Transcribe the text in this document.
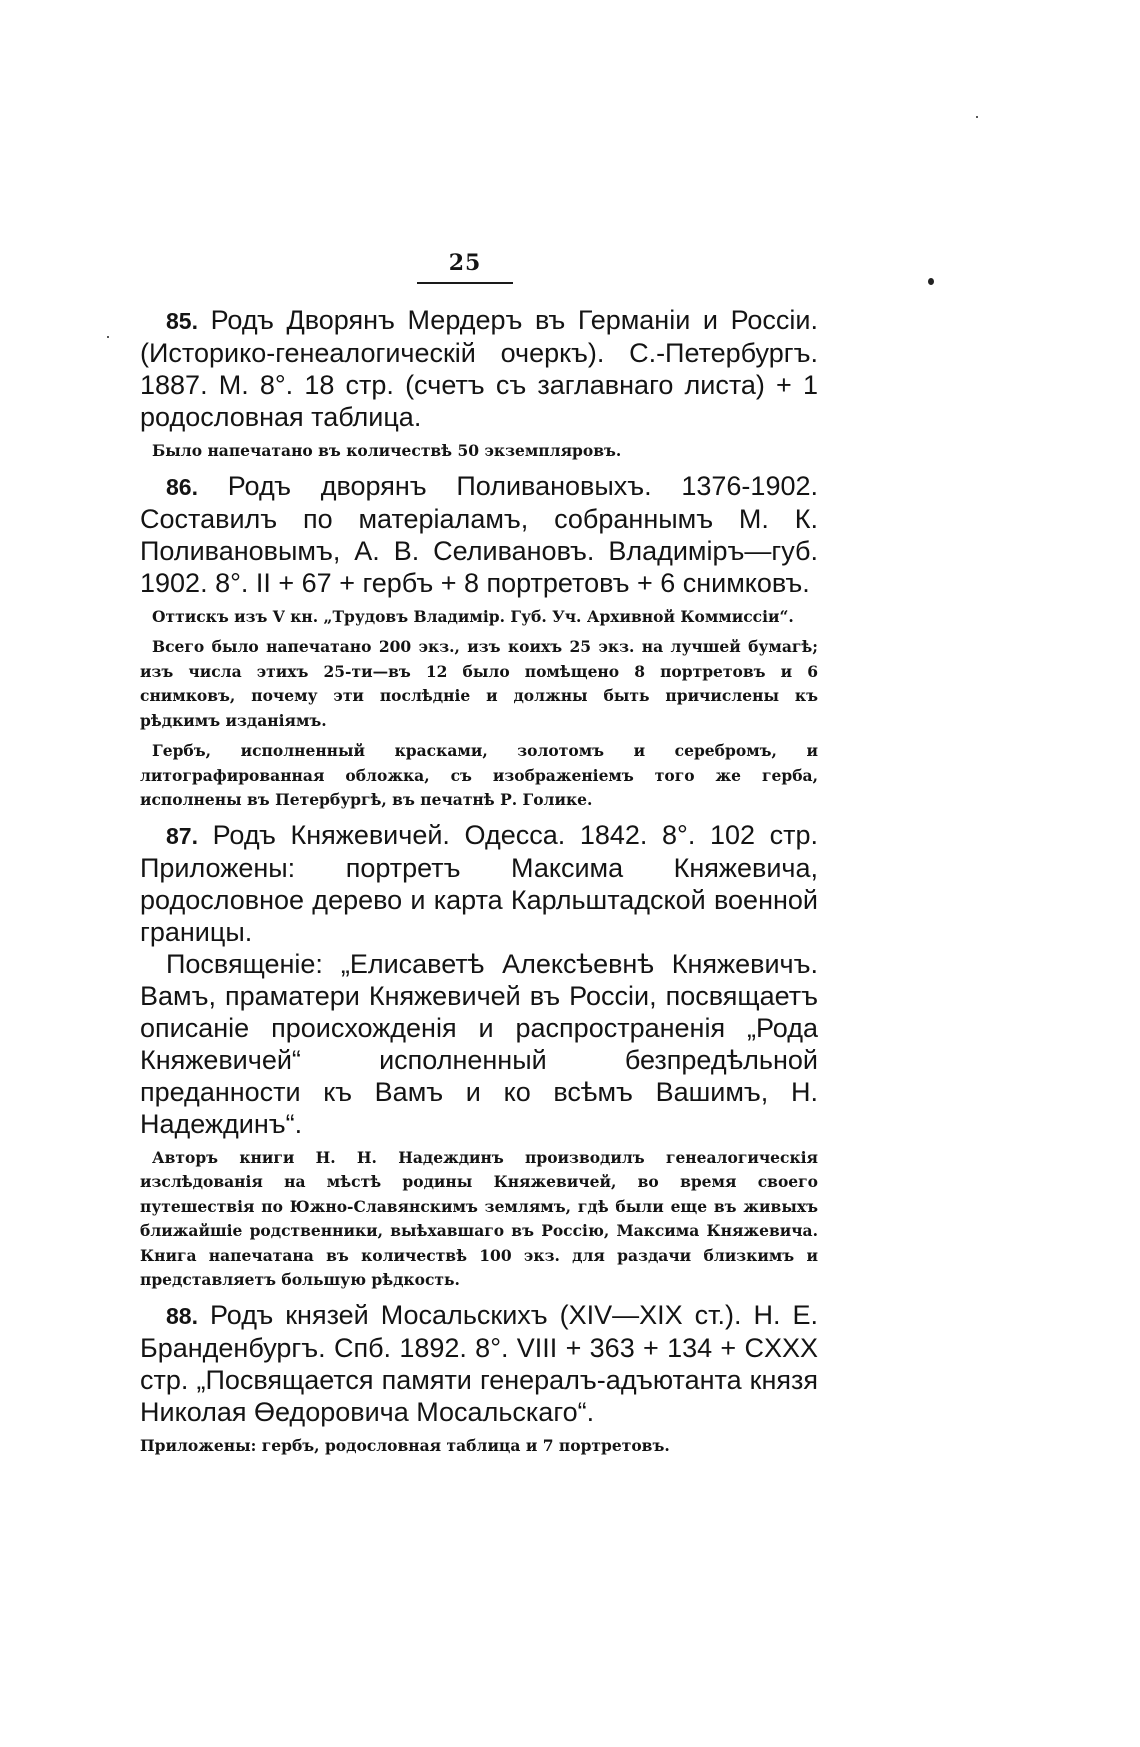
25

85. Родъ Дворянъ Мердеръ въ Германіи и Россіи. (Историко-генеалогическій очеркъ). С.-Петербургъ. 1887. М. 8°. 18 стр. (счетъ съ заглавнаго листа) + 1 родословная таблица.

Было напечатано въ количествѣ 50 экземпляровъ.

86. Родъ дворянъ Поливановыхъ. 1376-1902. Составилъ по матеріаламъ, собраннымъ М. К. Поливановымъ, А. В. Селивановъ. Владиміръ—губ. 1902. 8°. II + 67 + гербъ + 8 портретовъ + 6 снимковъ.

Оттискъ изъ V кн. „Трудовъ Владимір. Губ. Уч. Архивной Коммиссіи“.

Всего было напечатано 200 экз., изъ коихъ 25 экз. на лучшей бумагѣ; изъ числа этихъ 25-ти—въ 12 было помѣщено 8 портретовъ и 6 снимковъ, почему эти послѣдніе и должны быть причислены къ рѣдкимъ изданіямъ.

Гербъ, исполненный красками, золотомъ и серебромъ, и литографированная обложка, съ изображеніемъ того же герба, исполнены въ Петербургѣ, въ печатнѣ Р. Голике.

87. Родъ Княжевичей. Одесса. 1842. 8°. 102 стр. Приложены: портретъ Максима Княжевича, родословное дерево и карта Карльштадской военной границы.

Посвященіе: „Елисаветѣ Алексѣевнѣ Княжевичъ. Вамъ, праматери Княжевичей въ Россіи, посвящаетъ описаніе происхожденія и распространенія „Рода Княжевичей“ исполненный безпредѣльной преданности къ Вамъ и ко всѣмъ Вашимъ, Н. Надеждинъ“.

Авторъ книги Н. Н. Надеждинъ производилъ генеалогическія изслѣдованія на мѣстѣ родины Княжевичей, во время своего путешествія по Южно-Славянскимъ землямъ, гдѣ были еще въ живыхъ ближайшіе родственники, выѣхавшаго въ Россію, Максима Княжевича. Книга напечатана въ количествѣ 100 экз. для раздачи близкимъ и представляетъ большую рѣдкость.

88. Родъ князей Мосальскихъ (XIV—XIX ст.). Н. Е. Бранденбургъ. Спб. 1892. 8°. VIII + 363 + 134 + CXXX стр. „Посвящается памяти генералъ-адъютанта князя Николая Өедоровича Мосальскаго“.

Приложены: гербъ, родословная таблица и 7 портретовъ.
